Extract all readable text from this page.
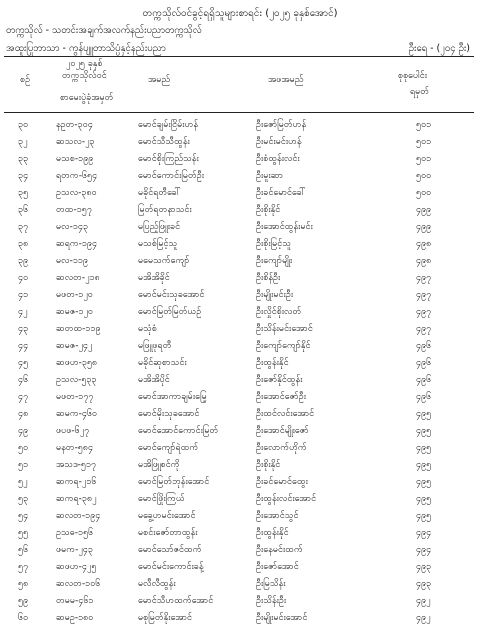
တက္ကသိုလ်ဝင်ခွင့်ရရှိသူများစာရင်း (၂၀၂၅ ခုနှစ်အောင်)
တက္ကသိုလ် - သတင်းအချက်အလက်နည်းပညာတက္ကသိုလ်
အထူးပြုဘာသာ - ကွန်ပျူတာသိပ္ပံနှင့်နည်းပညာ	ဦးရေ - (၂၀၄ ဦး)
၂၀၂၅ ခုနှစ်
စဉ်	တက္ကသိုလ်ဝင်
စာမေးပွဲခုံအမှတ်
အမည်	အဖအမည်	စုစုပေါင်း
ရမှတ်
၃၀	နဥတ-၃၀၄	မောင်ချမ်းငြိမ်းဟန်	ဦးဇော်မြတ်ဟန်	၅၀၁
၃၂	ဆသလ-၂၃	မောင်သီသီထွန်း	ဦးမင်းမင်းဟန်	၅၀၁
၃၃	မသစ-၁၉၉	မောင်စိုးကြည်သန်း	ဦးစံထွန်းလင်း	၅၀၁
၃၄	ရတက-၆၅၄	မောင်ကောင်းမြတ်ဦး	ဦးမူးဆာ	၅၀၀
၃၅	ဥသလ-၃၈၀	မခိုင်ရတီခေါ်	ဦးခင်မောင်ခေါ်	၅၀၀
၃၆	တထ-၁၅၇	မြတ်ရတနာသင်း	ဦးစိုးနိုင်	၄၉၉
၃၇	မလ-၁၄၃	မပြည့်ဖြူးခင်	ဦးအောင်ထွန်းမင်း	၄၉၉
၃၈	ဆရက-၁၉၄	မသစ်မြင့်သူ	ဦးစိုးမြင့်သူ	၄၉၈
၃၉	မလ-၁၁၉	မမေသက်ကျော်	ဦးကျော်မျိုး	၄၉၈
၄၀	ဆလတ-၂၁၈	မအိအိခိုင်	ဦးစိန်ဦး	၄၉၇
၄၁	မဖတ-၁၂၀	မောင်မင်းသုခအောင်	ဦးမျိုးမင်းဦး	၄၉၇
၄၂	ဆမဇ-၁၂၀	မောင်မြတ်မြတ်ယဉ်	ဦးလှိုင်စိုးလတ်	၄၉၇
၄၃	ဆတထ-၁၁၉	မသုံစံ	ဦးသိန်းမင်းအောင်	၄၉၇
၄၄	ဆမဇ-၂၄၂	မဖြူဖုရတီ	ဦးကျော်ကျော်နိုင်	၄၉၆
၄၅	ဆဖဟ-၃၅၈	မခိုင်ဆုစာသင်း	ဦးထွန်းနိုင်	၄၉၆
၄၆	ဥသလ-၅၃၃	မအိအိပိုင်	ဦးဇော်နိုင်ထွန်း	၄၉၆
၄၇	မဖတ-၁၇၇	မောင်အာကာချမ်းမြေ့	ဦးအောင်ဇော်ဦး	၄၉၆
၄၈	ဆမက-၄၆၀	မောင်မိုးသုခအောင်	ဦးထင်လင်းအောင်	၄၉၅
၄၉	ဖပဖ-၆၂၇	မောင်အောင်ကောင်းမြတ်	ဦးအောင်မျိုးဇော်	၄၉၅
၅၀	မနတ-၅၈၄	မောင်ကျော်ရဲထက်	ဦးလောက်ဟိုက်	၄၉၅
၅၁	အသဒ-၅၁၇	မအိဖြူစင်ကို	ဦးစိုးနိုင်	၄၉၅
၅၂	ဆကရ-၂၁၆	မောင်မြတ်ဘုန်းအောင်	ဦးခင်မောင်ထွေး	၄၉၅
၅၃	ဆကရ-၃၈၂	မောင်ဖြိုးကြယ်	ဦးထွန်းလင်းအောင်	၄၉၅
၅၄	ဆလတ-၁၉၄	မခွေ့ဟမင်းအောင်	ဦးအောင်သွင်	၄၉၅
၅၅	ဥသဓ-၁၅၆	မစင်းဇော်တာထွန်း	ဦးထွန်းနိုင်	၄၉၄
၅၆	ဖမက-၂၄၃	မောင်သော်ဇင်ထက်	ဦးနေမင်းထက်	၄၉၄
၅၇	ဆဖဟ-၄၂၅	မောင်မင်းကောင်းခန့်	ဦးဇော်အောင်	၄၉၃
၅၈	ဆလတ-၁၀၆	မလီလီထွန်း	ဦးမြသိန်း	၄၉၃
၅၉	တမမ-၄၆၁	မောင်သီဟထက်အောင်	ဦးသိန်းဦး	၄၉၂
၆၀	ဆမဥ-၁၈၀	မစုမြတ်နိုးအောင်	ဦးမျိုးမင်းအောင်	၄၉၂
